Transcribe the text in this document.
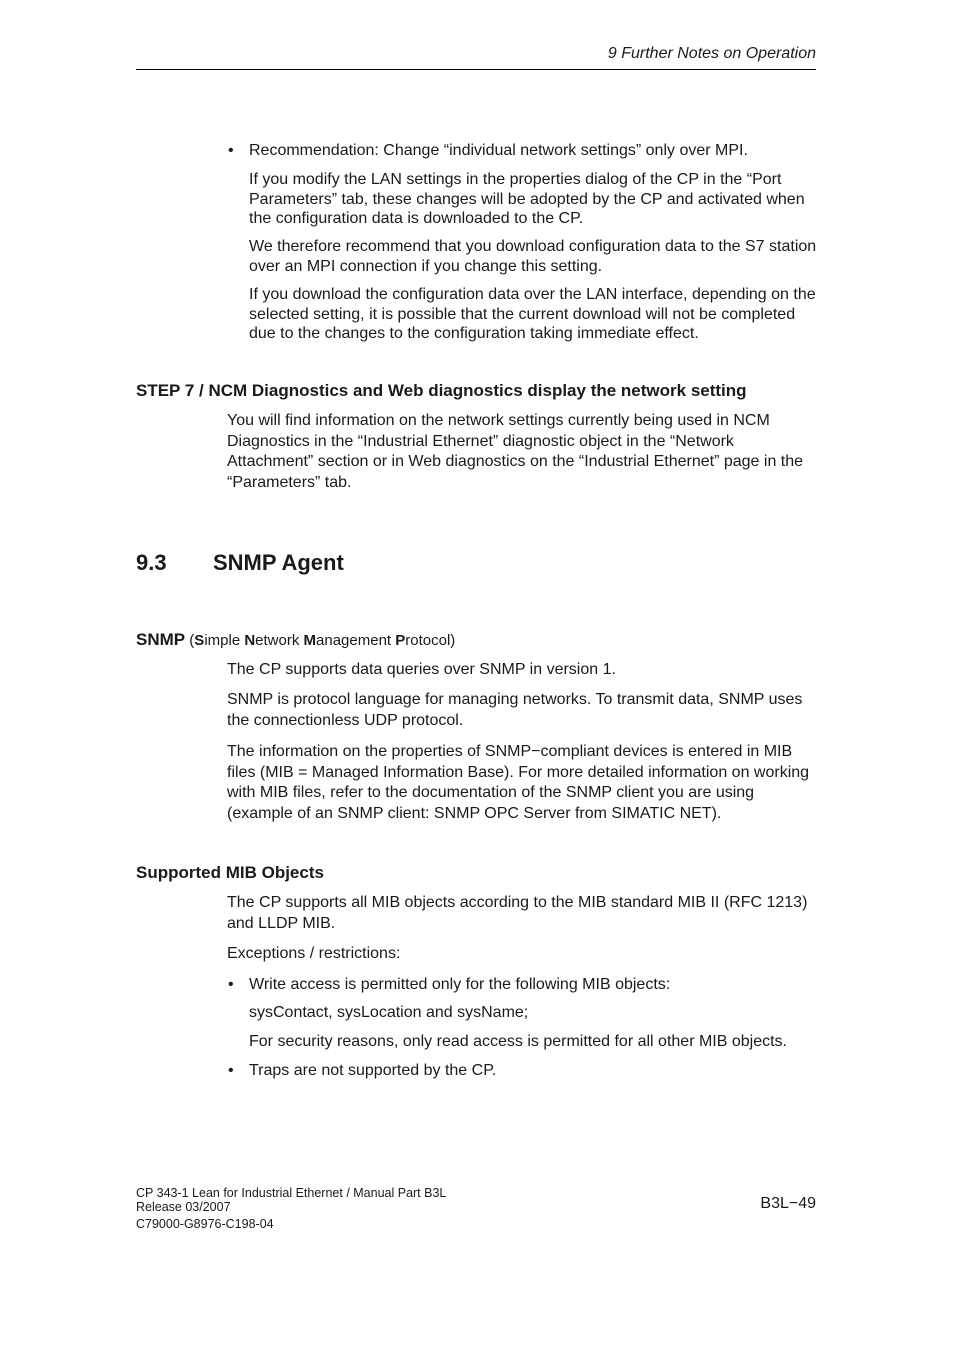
9 Further Notes on Operation
• Recommendation: Change “individual network settings” only over MPI.
If you modify the LAN settings in the properties dialog of the CP in the “Port Parameters” tab, these changes will be adopted by the CP and activated when the configuration data is downloaded to the CP.
We therefore recommend that you download configuration data to the S7 station over an MPI connection if you change this setting.
If you download the configuration data over the LAN interface, depending on the selected setting, it is possible that the current download will not be completed due to the changes to the configuration taking immediate effect.
STEP 7 / NCM Diagnostics and Web diagnostics display the network setting
You will find information on the network settings currently being used in NCM Diagnostics in the “Industrial Ethernet” diagnostic object in the “Network Attachment” section or in Web diagnostics on the “Industrial Ethernet” page in the “Parameters” tab.
9.3 SNMP Agent
SNMP (Simple Network Management Protocol)
The CP supports data queries over SNMP in version 1.
SNMP is protocol language for managing networks. To transmit data, SNMP uses the connectionless UDP protocol.
The information on the properties of SNMP−compliant devices is entered in MIB files (MIB = Managed Information Base). For more detailed information on working with MIB files, refer to the documentation of the SNMP client you are using (example of an SNMP client: SNMP OPC Server from SIMATIC NET).
Supported MIB Objects
The CP supports all MIB objects according to the MIB standard MIB II (RFC 1213) and LLDP MIB.
Exceptions / restrictions:
• Write access is permitted only for the following MIB objects:
sysContact, sysLocation and sysName;
For security reasons, only read access is permitted for all other MIB objects.
• Traps are not supported by the CP.
CP 343-1 Lean for Industrial Ethernet / Manual Part B3L
Release 03/2007
C79000-G8976-C198-04
B3L−49
